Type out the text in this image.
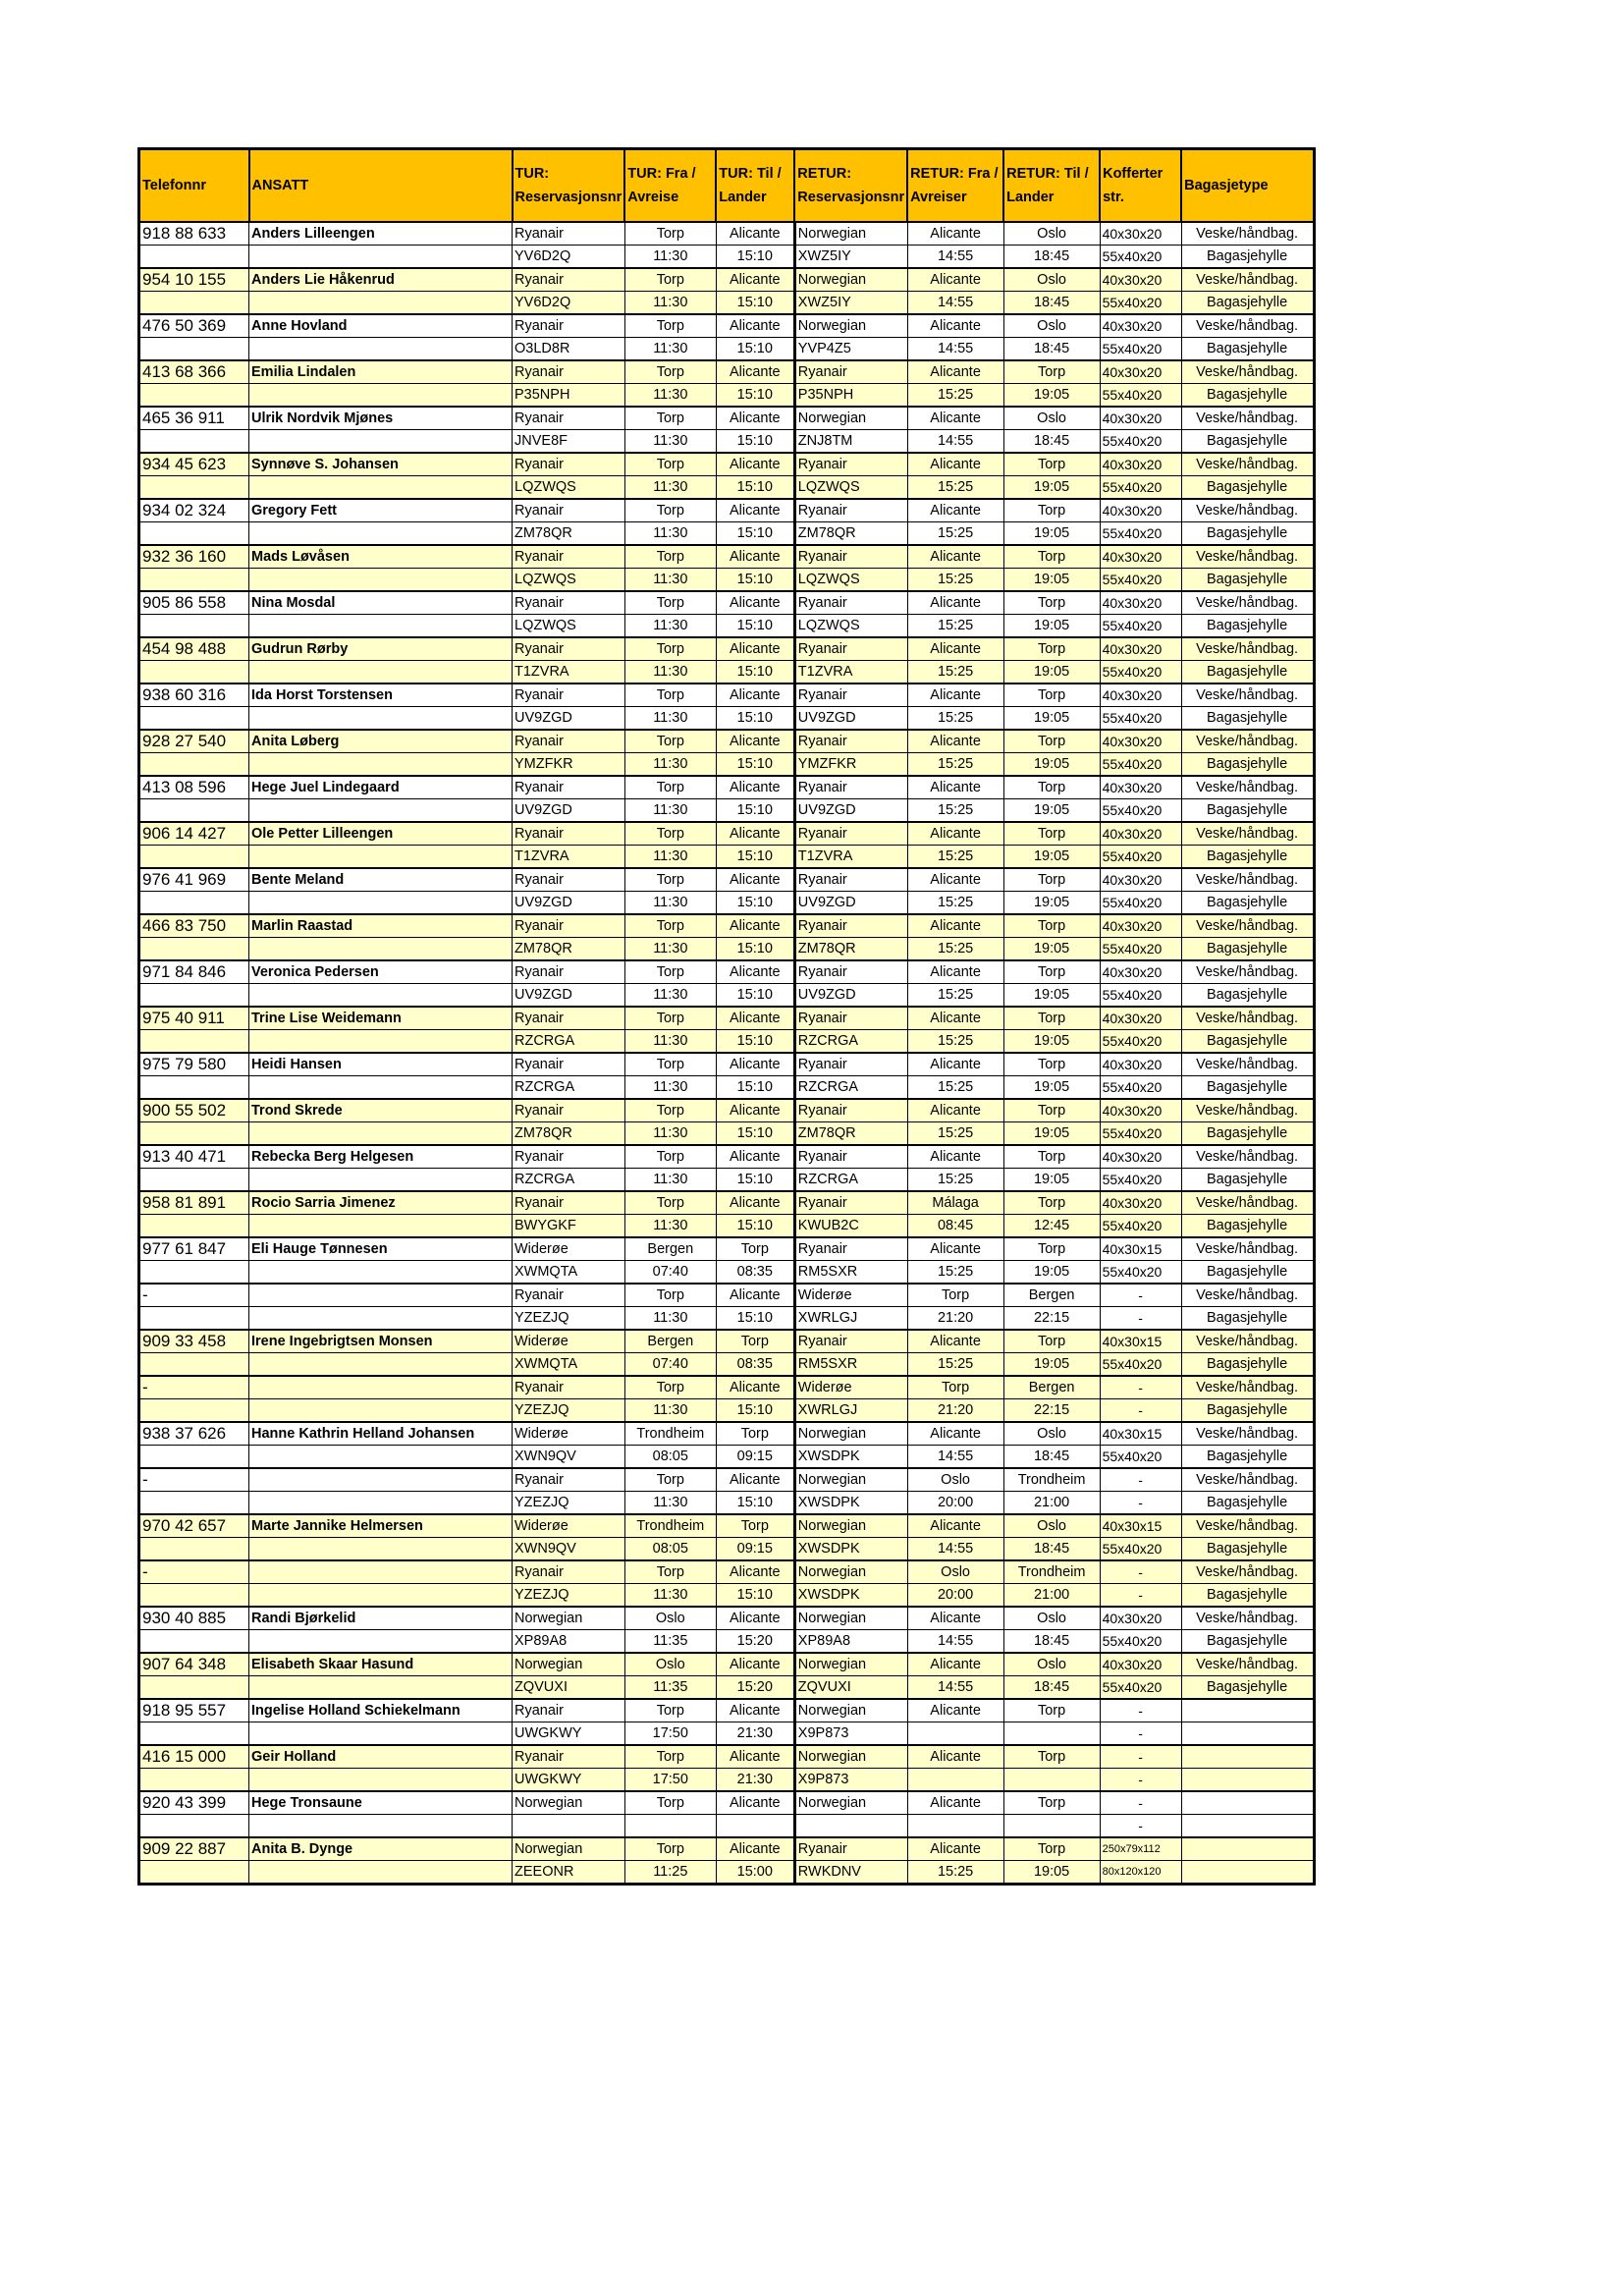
Telefonnr	ANSATT	TUR: Reservasjonsnr	TUR: Fra / Avreise	TUR: Til / Lander	RETUR: Reservasjonsnr	RETUR: Fra / Avreiser	RETUR: Til / Lander	Kofferter str.	Bagasjetype
918 88 633	Anders Lilleengen	Ryanair	Torp	Alicante	Norwegian	Alicante	Oslo	40x30x20	Veske/håndbag.
		YV6D2Q	11:30	15:10	XWZ5IY	14:55	18:45	55x40x20	Bagasjehylle
954 10 155	Anders Lie Håkenrud	Ryanair	Torp	Alicante	Norwegian	Alicante	Oslo	40x30x20	Veske/håndbag.
		YV6D2Q	11:30	15:10	XWZ5IY	14:55	18:45	55x40x20	Bagasjehylle
476 50 369	Anne Hovland	Ryanair	Torp	Alicante	Norwegian	Alicante	Oslo	40x30x20	Veske/håndbag.
		O3LD8R	11:30	15:10	YVP4Z5	14:55	18:45	55x40x20	Bagasjehylle
413 68 366	Emilia Lindalen	Ryanair	Torp	Alicante	Ryanair	Alicante	Torp	40x30x20	Veske/håndbag.
		P35NPH	11:30	15:10	P35NPH	15:25	19:05	55x40x20	Bagasjehylle
465 36 911	Ulrik Nordvik Mjønes	Ryanair	Torp	Alicante	Norwegian	Alicante	Oslo	40x30x20	Veske/håndbag.
		JNVE8F	11:30	15:10	ZNJ8TM	14:55	18:45	55x40x20	Bagasjehylle
934 45 623	Synnøve S. Johansen	Ryanair	Torp	Alicante	Ryanair	Alicante	Torp	40x30x20	Veske/håndbag.
		LQZWQS	11:30	15:10	LQZWQS	15:25	19:05	55x40x20	Bagasjehylle
934 02 324	Gregory Fett	Ryanair	Torp	Alicante	Ryanair	Alicante	Torp	40x30x20	Veske/håndbag.
		ZM78QR	11:30	15:10	ZM78QR	15:25	19:05	55x40x20	Bagasjehylle
932 36 160	Mads Løvåsen	Ryanair	Torp	Alicante	Ryanair	Alicante	Torp	40x30x20	Veske/håndbag.
		LQZWQS	11:30	15:10	LQZWQS	15:25	19:05	55x40x20	Bagasjehylle
905 86 558	Nina Mosdal	Ryanair	Torp	Alicante	Ryanair	Alicante	Torp	40x30x20	Veske/håndbag.
		LQZWQS	11:30	15:10	LQZWQS	15:25	19:05	55x40x20	Bagasjehylle
454 98 488	Gudrun Rørby	Ryanair	Torp	Alicante	Ryanair	Alicante	Torp	40x30x20	Veske/håndbag.
		T1ZVRA	11:30	15:10	T1ZVRA	15:25	19:05	55x40x20	Bagasjehylle
938 60 316	Ida Horst Torstensen	Ryanair	Torp	Alicante	Ryanair	Alicante	Torp	40x30x20	Veske/håndbag.
		UV9ZGD	11:30	15:10	UV9ZGD	15:25	19:05	55x40x20	Bagasjehylle
928 27 540	Anita Løberg	Ryanair	Torp	Alicante	Ryanair	Alicante	Torp	40x30x20	Veske/håndbag.
		YMZFKR	11:30	15:10	YMZFKR	15:25	19:05	55x40x20	Bagasjehylle
413 08 596	Hege Juel Lindegaard	Ryanair	Torp	Alicante	Ryanair	Alicante	Torp	40x30x20	Veske/håndbag.
		UV9ZGD	11:30	15:10	UV9ZGD	15:25	19:05	55x40x20	Bagasjehylle
906 14 427	Ole Petter Lilleengen	Ryanair	Torp	Alicante	Ryanair	Alicante	Torp	40x30x20	Veske/håndbag.
		T1ZVRA	11:30	15:10	T1ZVRA	15:25	19:05	55x40x20	Bagasjehylle
976 41 969	Bente Meland	Ryanair	Torp	Alicante	Ryanair	Alicante	Torp	40x30x20	Veske/håndbag.
		UV9ZGD	11:30	15:10	UV9ZGD	15:25	19:05	55x40x20	Bagasjehylle
466 83 750	Marlin Raastad	Ryanair	Torp	Alicante	Ryanair	Alicante	Torp	40x30x20	Veske/håndbag.
		ZM78QR	11:30	15:10	ZM78QR	15:25	19:05	55x40x20	Bagasjehylle
971 84 846	Veronica Pedersen	Ryanair	Torp	Alicante	Ryanair	Alicante	Torp	40x30x20	Veske/håndbag.
		UV9ZGD	11:30	15:10	UV9ZGD	15:25	19:05	55x40x20	Bagasjehylle
975 40 911	Trine Lise Weidemann	Ryanair	Torp	Alicante	Ryanair	Alicante	Torp	40x30x20	Veske/håndbag.
		RZCRGA	11:30	15:10	RZCRGA	15:25	19:05	55x40x20	Bagasjehylle
975 79 580	Heidi Hansen	Ryanair	Torp	Alicante	Ryanair	Alicante	Torp	40x30x20	Veske/håndbag.
		RZCRGA	11:30	15:10	RZCRGA	15:25	19:05	55x40x20	Bagasjehylle
900 55 502	Trond Skrede	Ryanair	Torp	Alicante	Ryanair	Alicante	Torp	40x30x20	Veske/håndbag.
		ZM78QR	11:30	15:10	ZM78QR	15:25	19:05	55x40x20	Bagasjehylle
913 40 471	Rebecka Berg Helgesen	Ryanair	Torp	Alicante	Ryanair	Alicante	Torp	40x30x20	Veske/håndbag.
		RZCRGA	11:30	15:10	RZCRGA	15:25	19:05	55x40x20	Bagasjehylle
958 81 891	Rocio Sarria Jimenez	Ryanair	Torp	Alicante	Ryanair	Málaga	Torp	40x30x20	Veske/håndbag.
		BWYGKF	11:30	15:10	KWUB2C	08:45	12:45	55x40x20	Bagasjehylle
977 61 847	Eli Hauge Tønnesen	Widerøe	Bergen	Torp	Ryanair	Alicante	Torp	40x30x15	Veske/håndbag.
		XWMQTA	07:40	08:35	RM5SXR	15:25	19:05	55x40x20	Bagasjehylle
-		Ryanair	Torp	Alicante	Widerøe	Torp	Bergen	-	Veske/håndbag.
		YZEZJQ	11:30	15:10	XWRLGJ	21:20	22:15	-	Bagasjehylle
909 33 458	Irene Ingebrigtsen Monsen	Widerøe	Bergen	Torp	Ryanair	Alicante	Torp	40x30x15	Veske/håndbag.
		XWMQTA	07:40	08:35	RM5SXR	15:25	19:05	55x40x20	Bagasjehylle
-		Ryanair	Torp	Alicante	Widerøe	Torp	Bergen	-	Veske/håndbag.
		YZEZJQ	11:30	15:10	XWRLGJ	21:20	22:15	-	Bagasjehylle
938 37 626	Hanne Kathrin Helland Johansen	Widerøe	Trondheim	Torp	Norwegian	Alicante	Oslo	40x30x15	Veske/håndbag.
		XWN9QV	08:05	09:15	XWSDPK	14:55	18:45	55x40x20	Bagasjehylle
-		Ryanair	Torp	Alicante	Norwegian	Oslo	Trondheim	-	Veske/håndbag.
		YZEZJQ	11:30	15:10	XWSDPK	20:00	21:00	-	Bagasjehylle
970 42 657	Marte Jannike Helmersen	Widerøe	Trondheim	Torp	Norwegian	Alicante	Oslo	40x30x15	Veske/håndbag.
		XWN9QV	08:05	09:15	XWSDPK	14:55	18:45	55x40x20	Bagasjehylle
-		Ryanair	Torp	Alicante	Norwegian	Oslo	Trondheim	-	Veske/håndbag.
		YZEZJQ	11:30	15:10	XWSDPK	20:00	21:00	-	Bagasjehylle
930 40 885	Randi Bjørkelid	Norwegian	Oslo	Alicante	Norwegian	Alicante	Oslo	40x30x20	Veske/håndbag.
		XP89A8	11:35	15:20	XP89A8	14:55	18:45	55x40x20	Bagasjehylle
907 64 348	Elisabeth Skaar Hasund	Norwegian	Oslo	Alicante	Norwegian	Alicante	Oslo	40x30x20	Veske/håndbag.
		ZQVUXI	11:35	15:20	ZQVUXI	14:55	18:45	55x40x20	Bagasjehylle
918 95 557	Ingelise Holland Schiekelmann	Ryanair	Torp	Alicante	Norwegian	Alicante	Torp	-	
		UWGKWY	17:50	21:30	X9P873			-	
416 15 000	Geir Holland	Ryanair	Torp	Alicante	Norwegian	Alicante	Torp	-	
		UWGKWY	17:50	21:30	X9P873			-	
920 43 399	Hege Tronsaune	Norwegian	Torp	Alicante	Norwegian	Alicante	Torp	-	
								-	
909 22 887	Anita B. Dynge	Norwegian	Torp	Alicante	Ryanair	Alicante	Torp	250x79x112	
		ZEEONR	11:25	15:00	RWKDNV	15:25	19:05	80x120x120	
